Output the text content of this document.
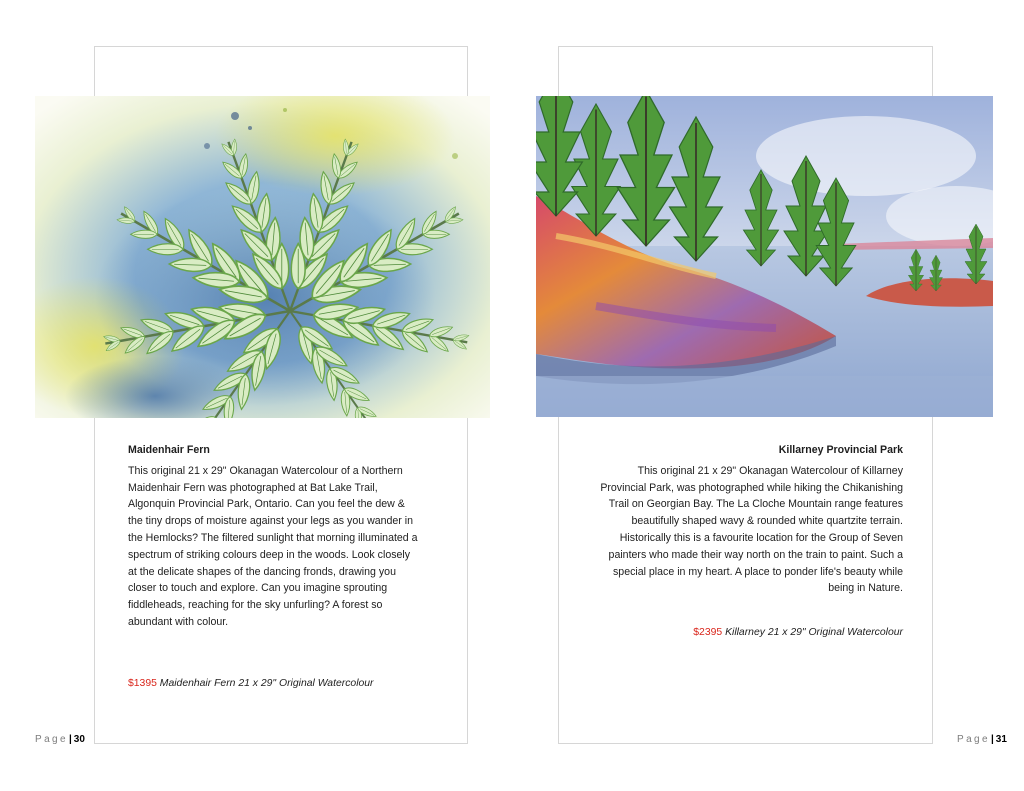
Maidenhair Fern

This original 21 x 29" Okanagan Watercolour of a Northern Maidenhair Fern was photographed at Bat Lake Trail, Algonquin Provincial Park, Ontario. Can you feel the dew & the tiny drops of moisture against your legs as you wander in the Hemlocks? The filtered sunlight that morning illuminated a spectrum of striking colours deep in the woods. Look closely at the delicate shapes of the dancing fronds, drawing you closer to touch and explore. Can you imagine sprouting fiddleheads, reaching for the sky unfurling? A forest so abundant with colour.

$1395 Maidenhair Fern 21 x 29" Original Watercolour
Killarney Provincial Park

This original 21 x 29" Okanagan Watercolour of Killarney Provincial Park, was photographed while hiking the Chikanishing Trail on Georgian Bay. The La Cloche Mountain range features beautifully shaped wavy & rounded white quartzite terrain. Historically this is a favourite location for the Group of Seven painters who made their way north on the train to paint. Such a special place in my heart. A place to ponder life's beauty while being in Nature.

$2395 Killarney 21 x 29" Original Watercolour
Page| 30	Page| 31
